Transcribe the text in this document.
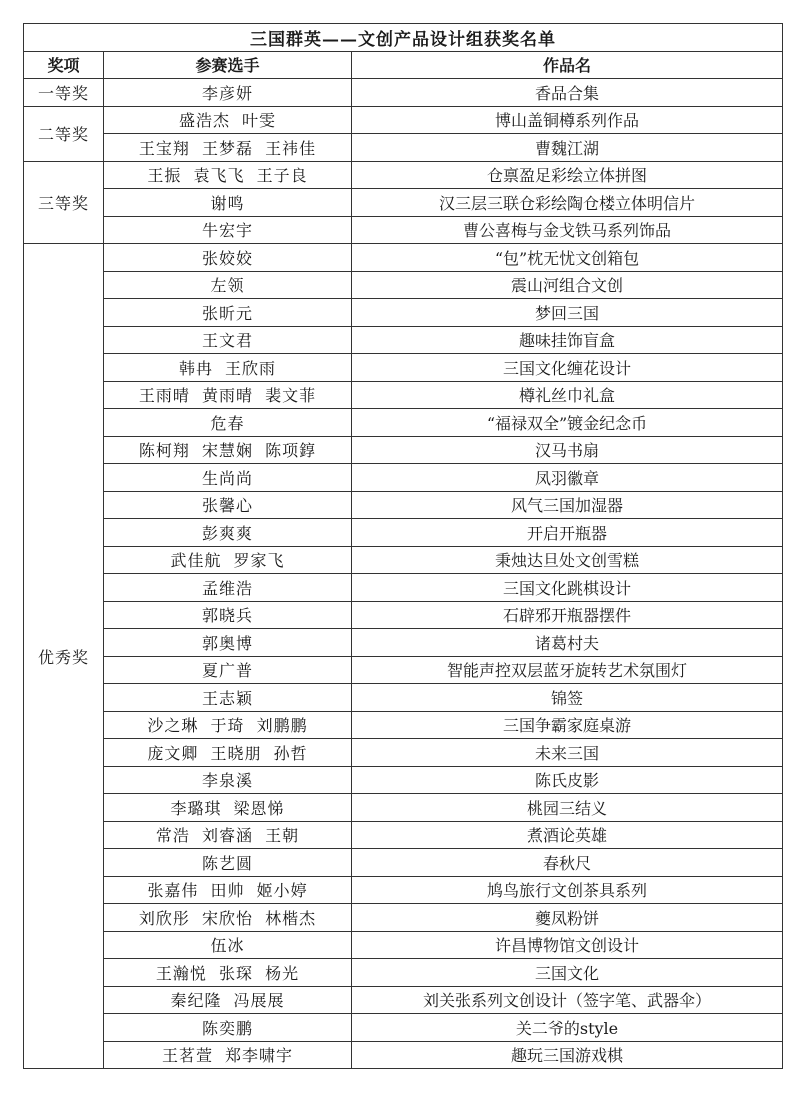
三国群英——文创产品设计组获奖名单		
奖项	参赛选手	作品名
一等奖	李彦妍	香品合集
二等奖	盛浩杰 叶雯	博山盖铜樽系列作品
	王宝翔 王梦磊 王祎佳	曹魏江湖
三等奖	王振 袁飞飞 王子良	仓禀盈足彩绘立体拼图
	谢鸣	汉三层三联仓彩绘陶仓楼立体明信片
	牛宏宇	曹公喜梅与金戈铁马系列饰品
优秀奖	张姣姣	“包”枕无忧文创箱包
	左领	震山河组合文创
	张昕元	梦回三国
	王文君	趣味挂饰盲盒
	韩冉 王欣雨	三国文化缠花设计
	王雨晴 黄雨晴 裴文菲	樽礼丝巾礼盒
	危春	“福禄双全”镀金纪念币
	陈柯翔 宋慧娴 陈项錞	汉马书扇
	生尚尚	凤羽徽章
	张馨心	风气三国加湿器
	彭爽爽	开启开瓶器
	武佳航 罗家飞	秉烛达旦处文创雪糕
	孟维浩	三国文化跳棋设计
	郭晓兵	石辟邪开瓶器摆件
	郭奥博	诸葛村夫
	夏广普	智能声控双层蓝牙旋转艺术氛围灯
	王志颖	锦签
	沙之琳 于琦 刘鹏鹏	三国争霸家庭桌游
	庞文卿 王晓朋 孙哲	未来三国
	李泉溪	陈氏皮影
	李璐琪 梁恩悌	桃园三结义
	常浩 刘睿涵 王朝	煮酒论英雄
	陈艺圆	春秋尺
	张嘉伟 田帅 姬小婷	鸠鸟旅行文创茶具系列
	刘欣彤 宋欣怡 林楷杰	夔凤粉饼
	伍冰	许昌博物馆文创设计
	王瀚悦 张琛 杨光	三国文化
	秦纪隆 冯展展	刘关张系列文创设计（签字笔、武器伞）
	陈奕鹏	关二爷的style
	王茗萱 郑李啸宇	趣玩三国游戏棋
